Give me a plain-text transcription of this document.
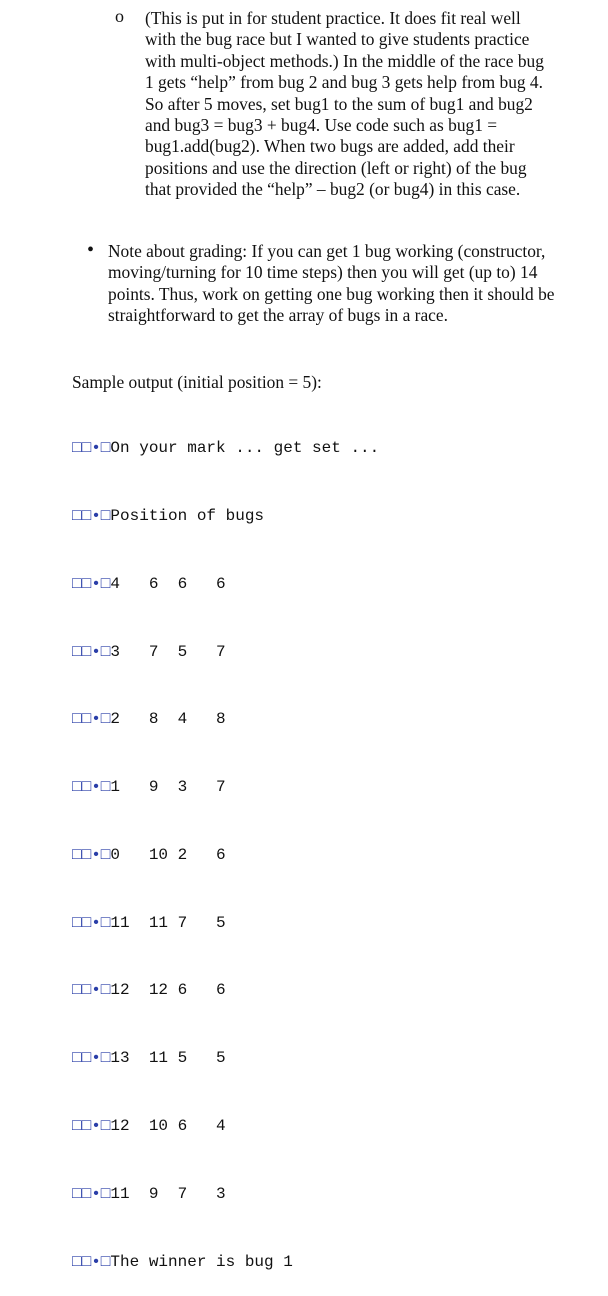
o (This is put in for student practice. It does fit real well with the bug race but I wanted to give students practice with multi-object methods.) In the middle of the race bug 1 gets “help” from bug 2 and bug 3 gets help from bug 4. So after 5 moves, set bug1 to the sum of bug1 and bug2 and bug3 = bug3 + bug4. Use code such as bug1 = bug1.add(bug2). When two bugs are added, add their positions and use the direction (left or right) of the bug that provided the “help” – bug2 (or bug4) in this case.
• Note about grading: If you can get 1 bug working (constructor, moving/turning for 10 time steps) then you will get (up to) 14 points. Thus, work on getting one bug working then it should be straightforward to get the array of bugs in a race.
Sample output (initial position = 5):

□□•□On your mark ... get set ...

□□•□Position of bugs

□□•□4   6  6   6

□□•□3   7  5   7

□□•□2   8  4   8

□□•□1   9  3   7

□□•□0   10 2   6

□□•□11  11 7   5

□□•□12  12 6   6

□□•□13  11 5   5

□□•□12  10 6   4

□□•□11  9  7   3

□□•□The winner is bug 1
